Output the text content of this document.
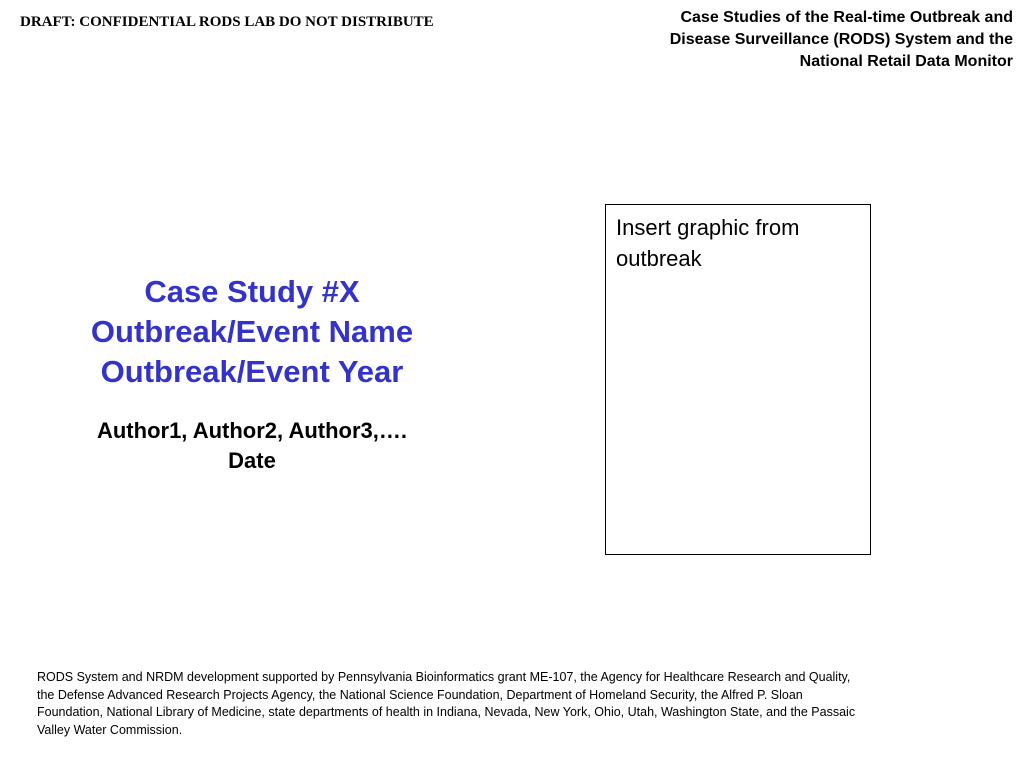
DRAFT: CONFIDENTIAL RODS LAB DO NOT DISTRIBUTE	Case Studies of the Real-time Outbreak and
Disease Surveillance (RODS) System and the
National Retail Data Monitor
Case Study #X
Outbreak/Event Name
Outbreak/Event Year
Author1, Author2, Author3,….
Date
Insert graphic from
outbreak
RODS System and NRDM development supported by Pennsylvania Bioinformatics grant ME-107, the Agency for Healthcare Research and Quality,
the Defense Advanced Research Projects Agency, the National Science Foundation, Department of Homeland Security, the Alfred P. Sloan
Foundation, National Library of Medicine, state departments of health in Indiana, Nevada, New York, Ohio, Utah, Washington State, and the Passaic
Valley Water Commission.
